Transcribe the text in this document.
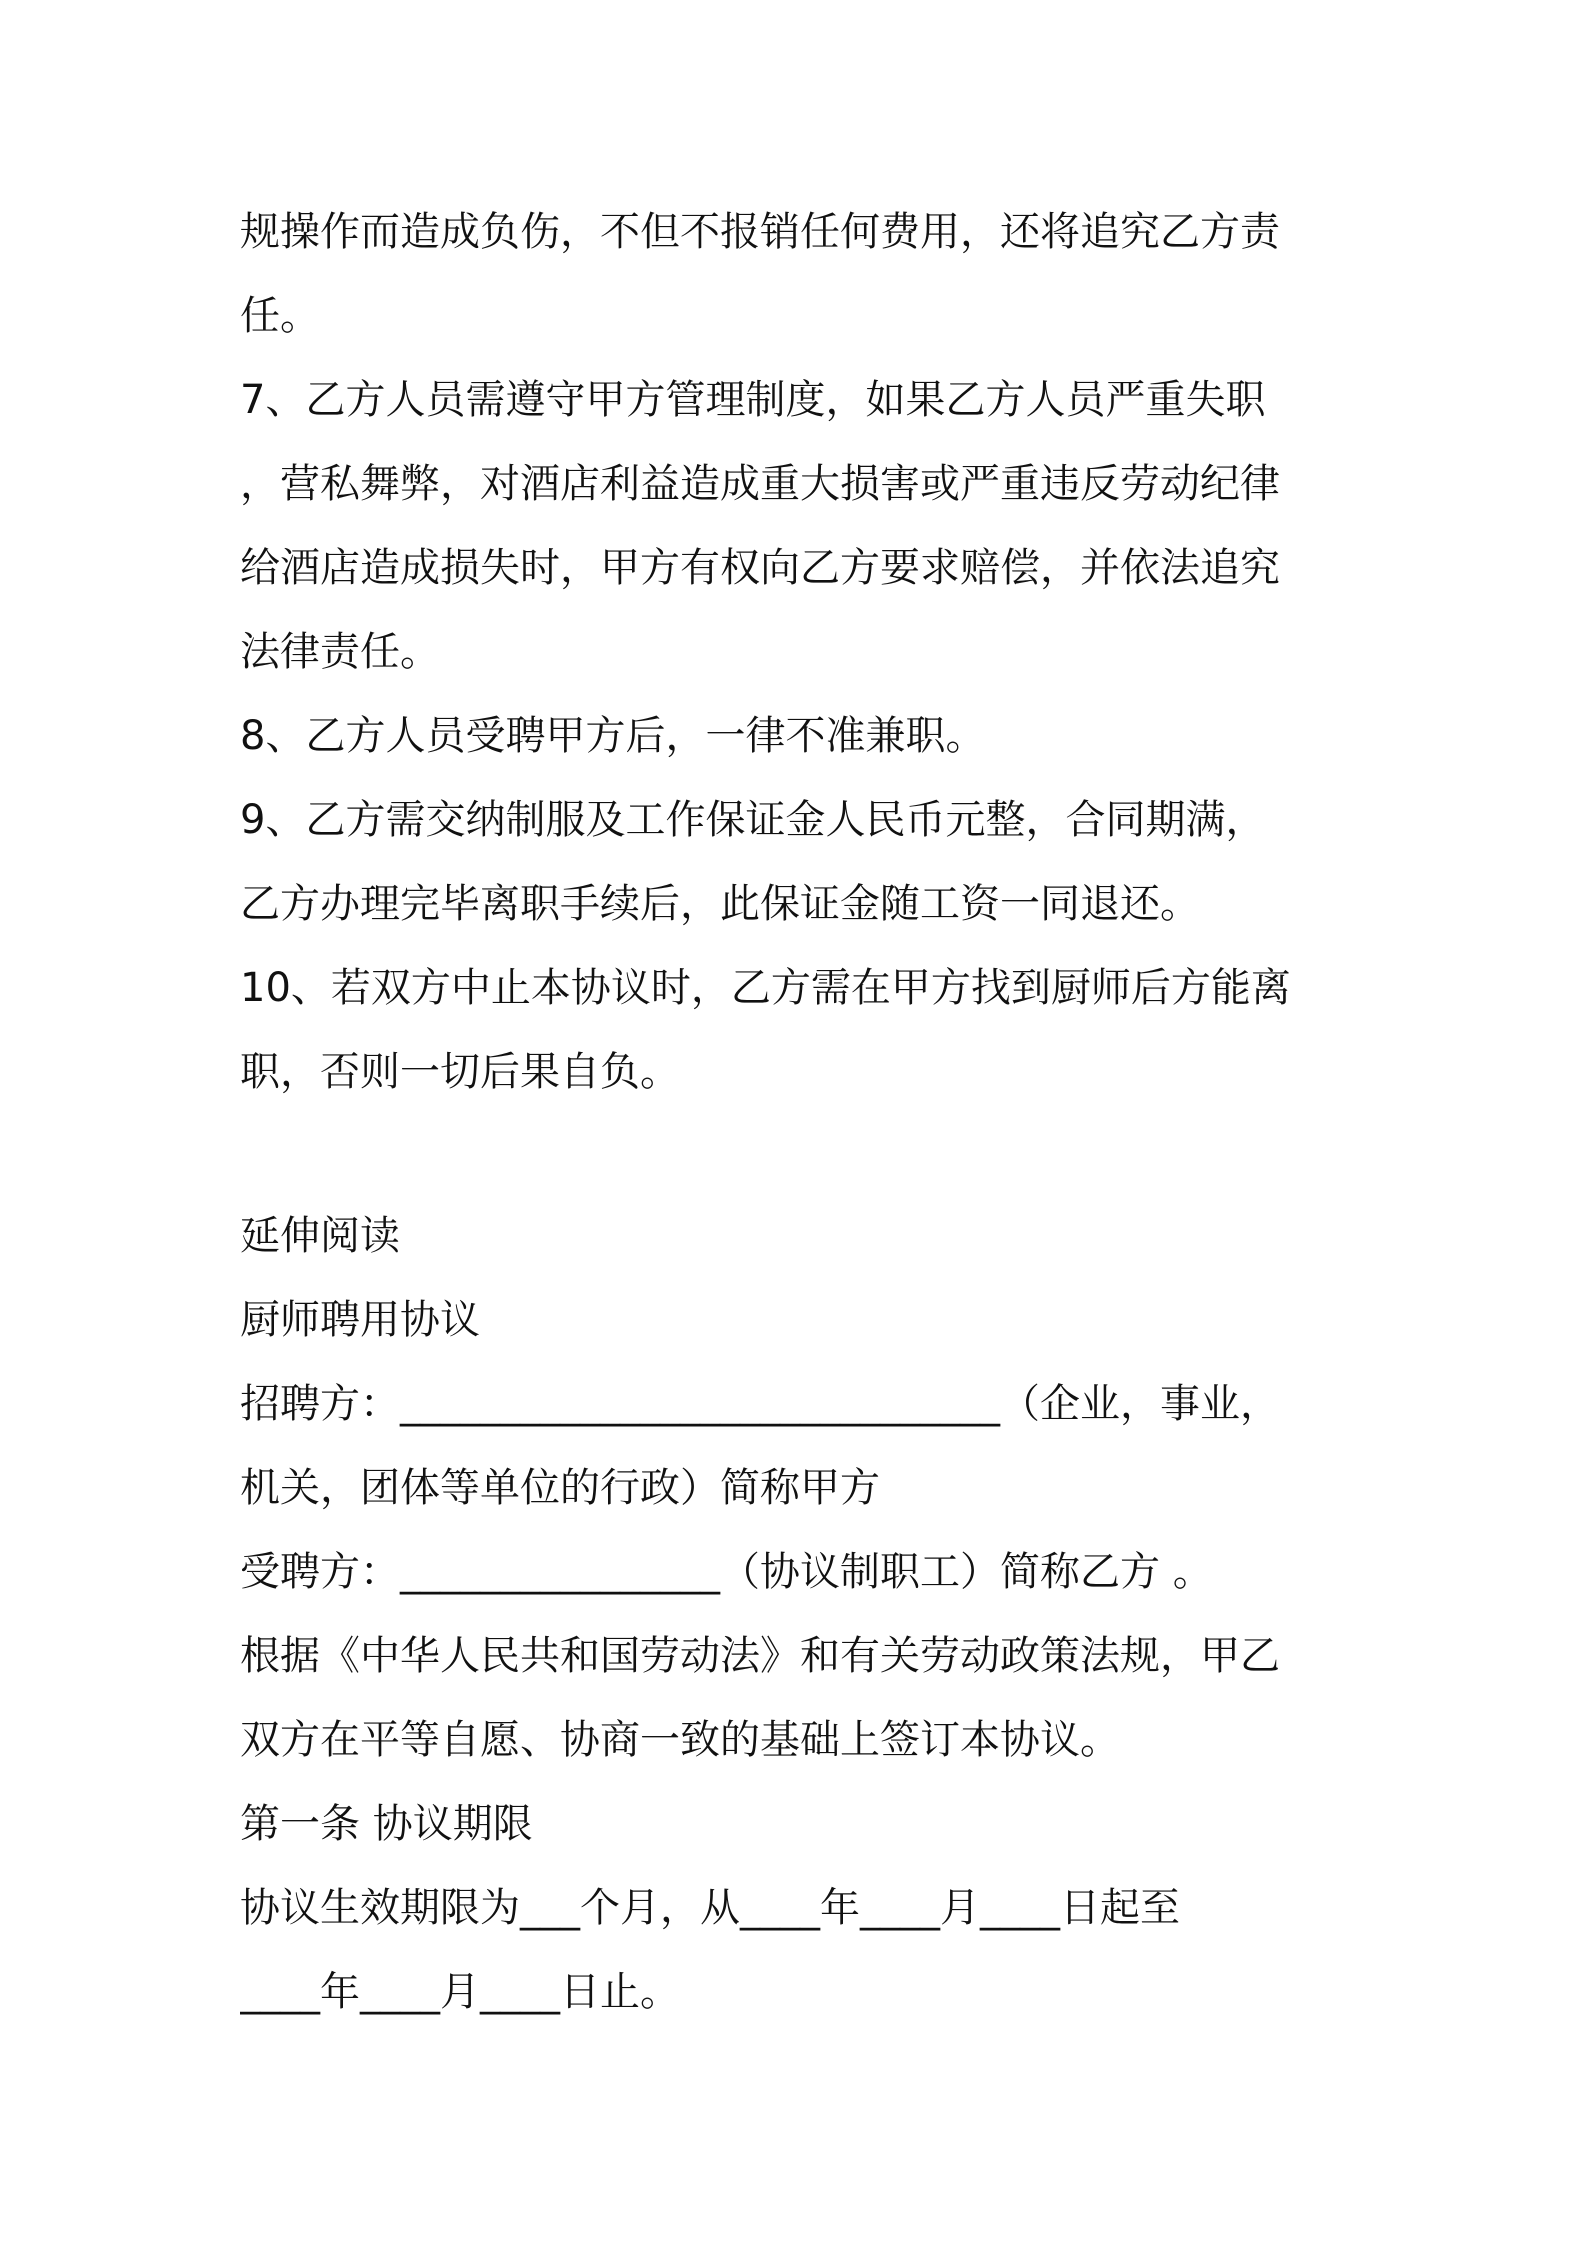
规操作而造成负伤，不但不报销任何费用，还将追究乙方责
任。
7、乙方人员需遵守甲方管理制度，如果乙方人员严重失职
，营私舞弊，对酒店利益造成重大损害或严重违反劳动纪律
给酒店造成损失时，甲方有权向乙方要求赔偿，并依法追究
法律责任。
8、乙方人员受聘甲方后，一律不准兼职。
9、乙方需交纳制服及工作保证金人民币元整，合同期满，
乙方办理完毕离职手续后，此保证金随工资一同退还。
10、若双方中止本协议时，乙方需在甲方找到厨师后方能离
职，否则一切后果自负。
延伸阅读
厨师聘用协议
招聘方：______________________________（企业，事业，
机关，团体等单位的行政）简称甲方
受聘方：________________（协议制职工）简称乙方 。
根据《中华人民共和国劳动法》和有关劳动政策法规，甲乙
双方在平等自愿、协商一致的基础上签订本协议。
第一条 协议期限
协议生效期限为___个月，从____年____月____日起至
____年____月____日止。
